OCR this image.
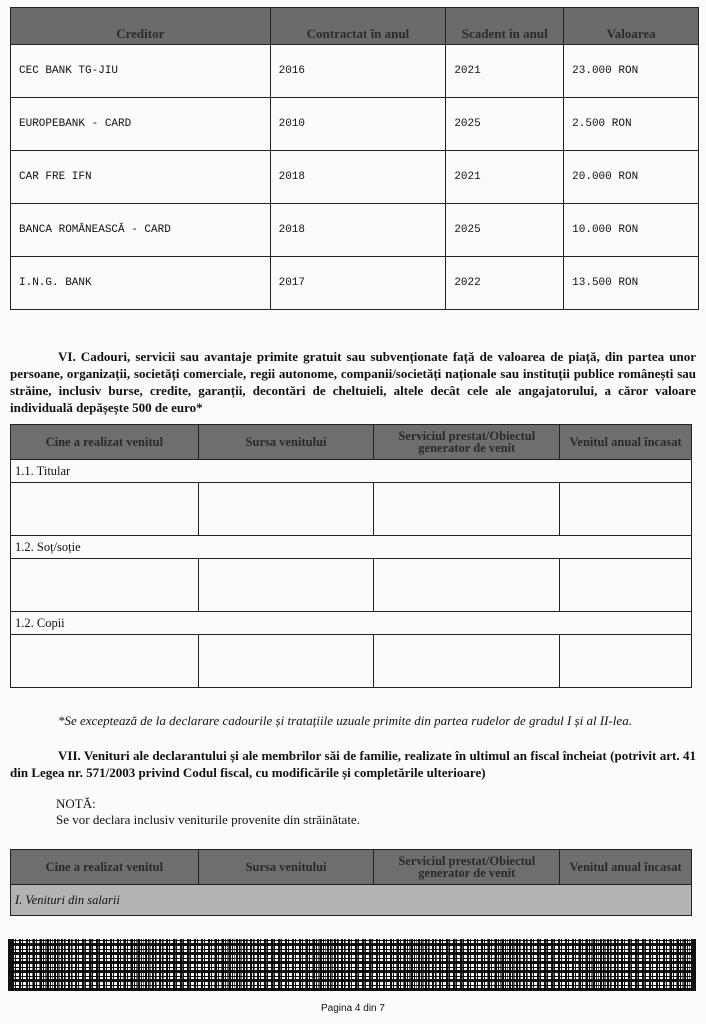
Creditor	Contractat în anul	Scadent în anul	Valoarea
CEC BANK TG-JIU	2016	2021	23.000 RON
EUROPEBANK - CARD	2010	2025	2.500 RON
CAR FRE IFN	2018	2021	20.000 RON
BANCA ROMÂNEASCĂ - CARD	2018	2025	10.000 RON
I.N.G. BANK	2017	2022	13.500 RON
VI. Cadouri, servicii sau avantaje primite gratuit sau subvenționate față de valoarea de piață, din partea unor persoane, organizații, societăți comerciale, regii autonome, companii/societăți naționale sau instituții publice românești sau străine, inclusiv burse, credite, garanții, decontări de cheltuieli, altele decât cele ale angajatorului, a căror valoare individuală depășește 500 de euro*
Cine a realizat venitul	Sursa venitului	Serviciul prestat/Obiectul generator de venit	Venitul anual încasat
1.1. Titular			

1.2. Soț/soție			

1.2. Copii			

*Se exceptează de la declarare cadourile și tratațiile uzuale primite din partea rudelor de gradul I și al II-lea.
VII. Venituri ale declarantului și ale membrilor săi de familie, realizate în ultimul an fiscal încheiat (potrivit art. 41 din Legea nr. 571/2003 privind Codul fiscal, cu modificările și completările ulterioare)
NOTĂ:
Se vor declara inclusiv veniturile provenite din străinătate.
Cine a realizat venitul	Sursa venitului	Serviciul prestat/Obiectul generator de venit	Venitul anual încasat
I. Venituri din salarii
Pagina 4 din 7
